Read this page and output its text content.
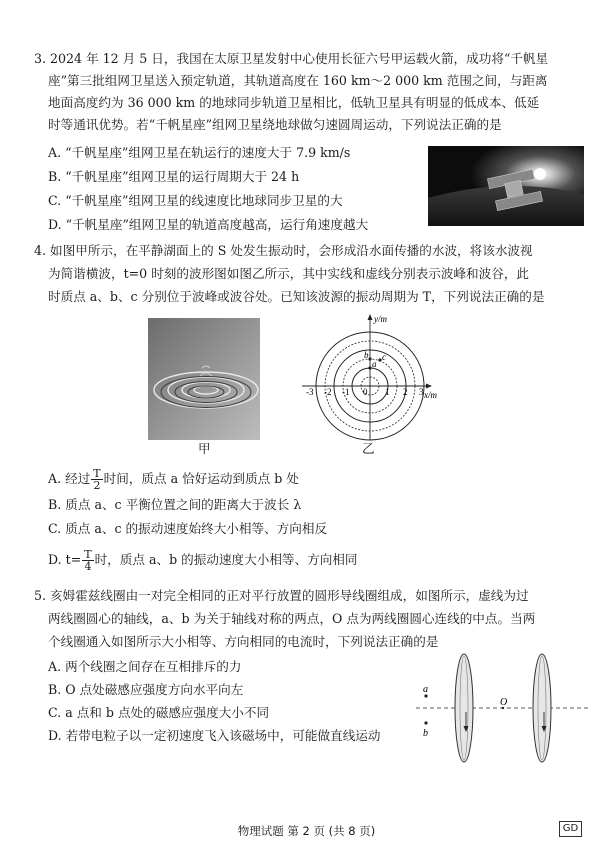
3. 2024 年 12 月 5 日，我国在太原卫星发射中心使用长征六号甲运载火箭，成功将“千帆星
座”第三批组网卫星送入预定轨道，其轨道高度在 160 km～2 000 km 范围之间，与距离
地面高度约为 36 000 km 的地球同步轨道卫星相比，低轨卫星具有明显的低成本、低延
时等通讯优势。若“千帆星座”组网卫星绕地球做匀速圆周运动，下列说法正确的是
A. “千帆星座”组网卫星在轨运行的速度大于 7.9 km/s
B. “千帆星座”组网卫星的运行周期大于 24 h
C. “千帆星座”组网卫星的线速度比地球同步卫星的大
D. “千帆星座”组网卫星的轨道高度越高，运行角速度越大
4. 如图甲所示，在平静湖面上的 S 处发生振动时，会形成沿水面传播的水波，将该水波视
为简谐横波，t=0 时刻的波形图如图乙所示，其中实线和虚线分别表示波峰和波谷，此
时质点 a、b、c 分别位于波峰或波谷处。已知该波源的振动周期为 T，下列说法正确的是
甲
a
b c
-3 -2 -1 0 1 2 3
y/m
x/m
乙
A. 经过 $\frac{T}{2}$ 时间，质点 a 恰好运动到质点 b 处
B. 质点 a、c 平衡位置之间的距离大于波长 λ
C. 质点 a、c 的振动速度始终大小相等、方向相反
D. $t= \frac{T}{4}$ 时，质点 a、b 的振动速度大小相等、方向相同
5. 亥姆霍兹线圈由一对完全相同的正对平行放置的圆形导线圈组成，如图所示，虚线为过
两线圈圆心的轴线，a、b 为关于轴线对称的两点，O 点为两线圈圆心连线的中点。当两
个线圈通入如图所示大小相等、方向相同的电流时，下列说法正确的是
A. 两个线圈之间存在互相排斥的力
B. O 点处磁感应强度方向水平向左
C. a 点和 b 点处的磁感应强度大小不同
D. 若带电粒子以一定初速度飞入该磁场中，可能做直线运动
a
b
O
物理试题 第 2 页 (共 8 页)	GD
